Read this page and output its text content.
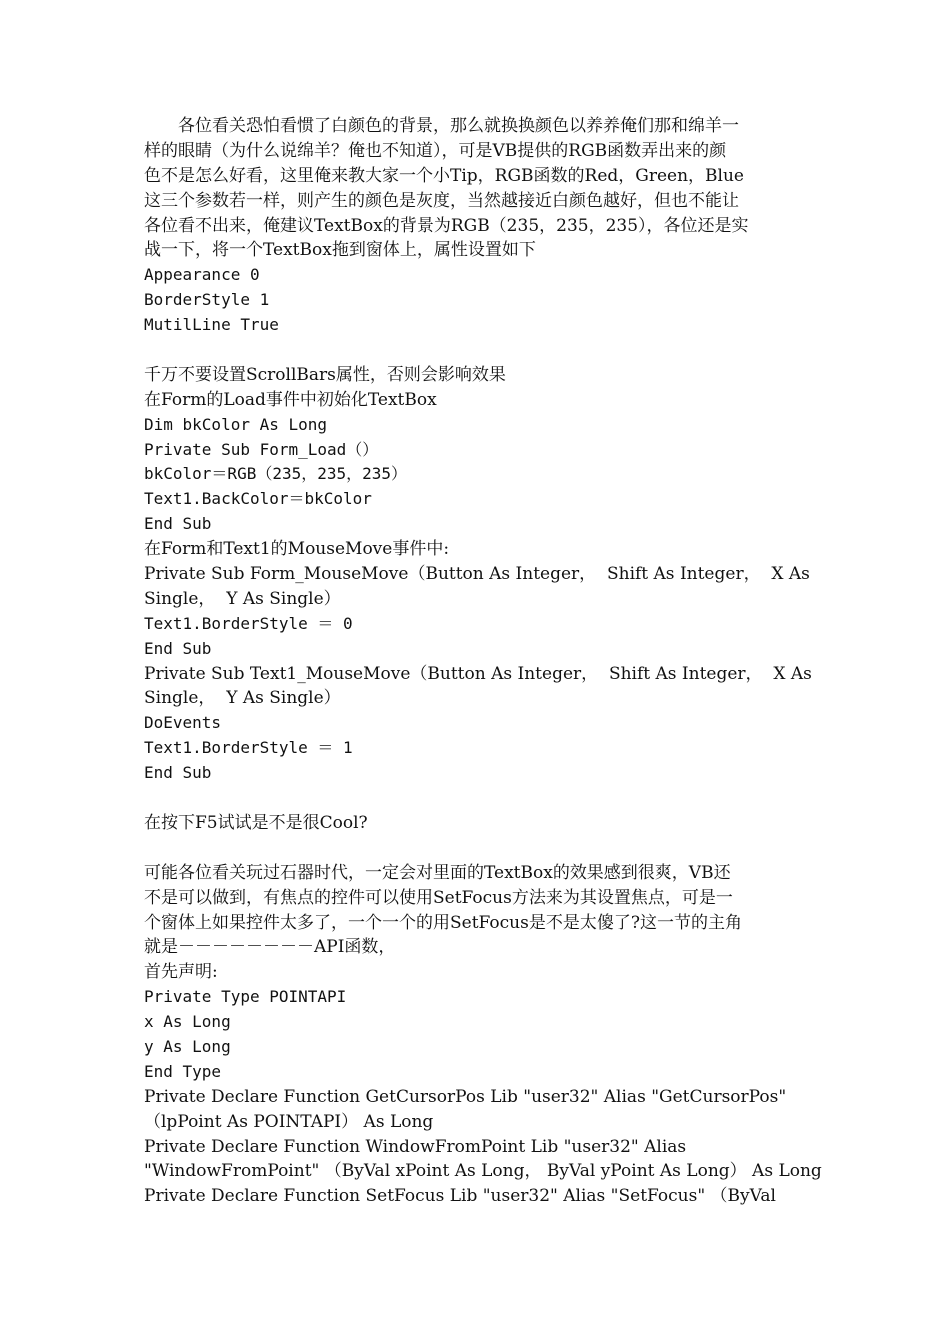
各位看关恐怕看惯了白颜色的背景，那么就换换颜色以养养俺们那和绵羊一
样的眼睛（为什么说绵羊？俺也不知道），可是VB提供的RGB函数弄出来的颜
色不是怎么好看，这里俺来教大家一个小Tip，RGB函数的Red，Green，Blue
这三个参数若一样，则产生的颜色是灰度，当然越接近白颜色越好，但也不能让
各位看不出来，俺建议TextBox的背景为RGB（235，235，235），各位还是实
战一下，将一个TextBox拖到窗体上，属性设置如下
Appearance 0
BorderStyle 1
MutilLine True
千万不要设置ScrollBars属性，否则会影响效果
在Form的Load事件中初始化TextBox
Dim bkColor As Long
Private Sub Form_Load（）
bkColor＝RGB（235，235，235）
Text1.BackColor＝bkColor
End Sub
在Form和Text1的MouseMove事件中:
Private Sub Form_MouseMove（Button As Integer，  Shift As Integer，  X As
Single，  Y As Single）
Text1.BorderStyle ＝ 0
End Sub
Private Sub Text1_MouseMove（Button As Integer，  Shift As Integer，  X As
Single，  Y As Single）
DoEvents
Text1.BorderStyle ＝ 1
End Sub
在按下F5试试是不是很Cool?
可能各位看关玩过石器时代，一定会对里面的TextBox的效果感到很爽，VB还
不是可以做到，有焦点的控件可以使用SetFocus方法来为其设置焦点，可是一
个窗体上如果控件太多了，一个一个的用SetFocus是不是太傻了?这一节的主角
就是－－－－－－－－API函数，
首先声明:
Private Type POINTAPI
x As Long
y As Long
End Type
Private Declare Function GetCursorPos Lib "user32" Alias "GetCursorPos"
（lpPoint As POINTAPI） As Long
Private Declare Function WindowFromPoint Lib "user32" Alias
"WindowFromPoint" （ByVal xPoint As Long， ByVal yPoint As Long） As Long
Private Declare Function SetFocus Lib "user32" Alias "SetFocus" （ByVal
